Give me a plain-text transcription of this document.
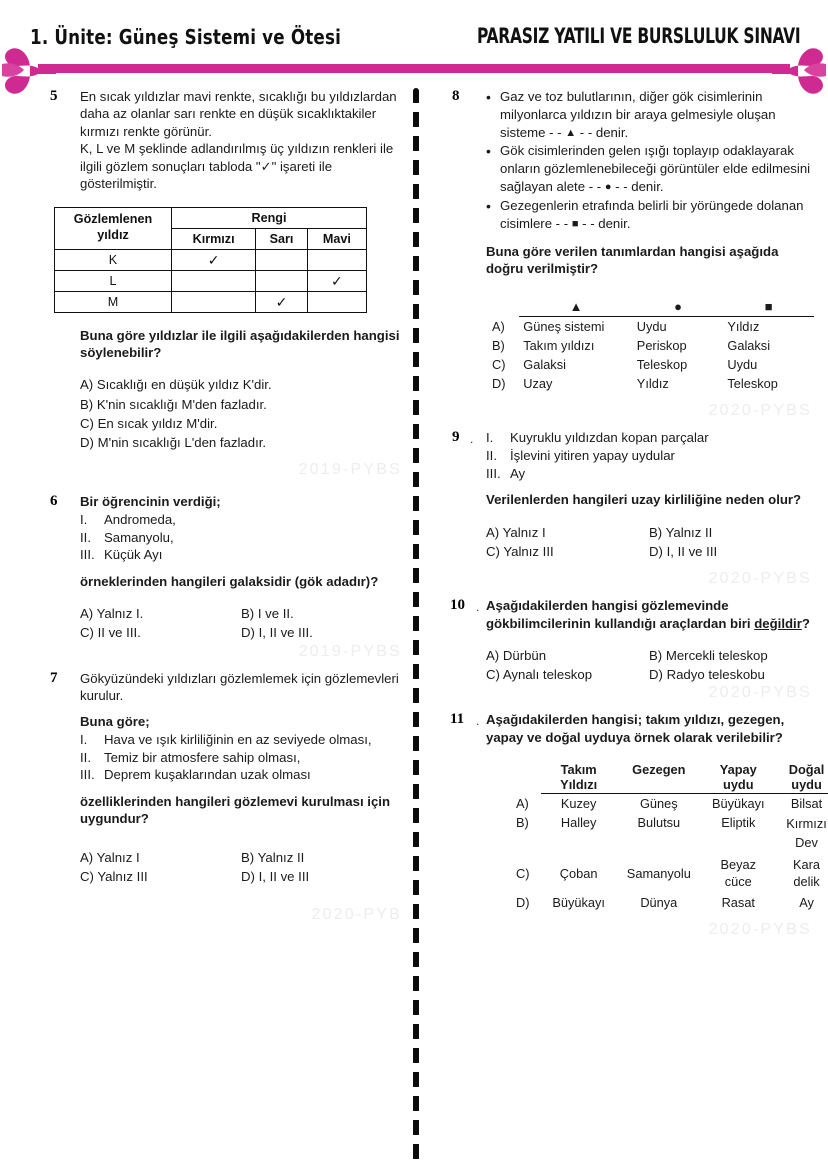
1. Ünite: Güneş Sistemi ve Ötesi	PARASIZ YATILI VE BURSLULUK SINAVI
5 En sıcak yıldızlar mavi renkte, sıcaklığı bu yıldızlardan daha az olanlar sarı renkte en düşük sıcaklıktakiler kırmızı renkte görünür.

K, L ve M şeklinde adlandırılmış üç yıldızın renkleri ile ilgili gözlem sonuçları tabloda "✓" işareti ile gösterilmiştir.

Gözlemlenen yıldız	Rengi		
	Kırmızı	Sarı	Mavi
K	✓		
L			✓
M		✓	

Buna göre yıldızlar ile ilgili aşağıdakilerden hangisi söylenebilir?

A) Sıcaklığı en düşük yıldız K'dir.
B) K'nin sıcaklığı M'den fazladır.
C) En sıcak yıldız M'dir.
D) M'nin sıcaklığı L'den fazladır.
2019-PYBS
6 Bir öğrencinin verdiği;

I.	Andromeda,
II. Samanyolu,
III. Küçük Ayı

örneklerinden hangileri galaksidir (gök adadır)?

A) Yalnız I.	B) I ve II.
C) II ve III.	D) I, II ve III.
2019-PYBS
7 Gökyüzündeki yıldızları gözlemlemek için gözlemevleri kurulur.

Buna göre;

I.	Hava ve ışık kirliliğinin en az seviyede olması,
II. Temiz bir atmosfere sahip olması,
III. Deprem kuşaklarından uzak olması

özelliklerinden hangileri gözlemevi kurulması için uygundur?

A) Yalnız I	B) Yalnız II
C) Yalnız III	D) I, II ve III
2020-PYB
8 • Gaz ve toz bulutlarının, diğer gök cisimlerinin milyonlarca yıldızın bir araya gelmesiyle oluşan sisteme - - ▲ - - denir.
• Gök cisimlerinden gelen ışığı toplayıp odaklayarak onların gözlemlenebileceği görüntüler elde edilmesini sağlayan alete - - ● - - denir.
• Gezegenlerin etrafında belirli bir yörüngede dolanan cisimlere - - ■ - - denir.

Buna göre verilen tanımlardan hangisi aşağıda doğru verilmiştir?

	▲	●	■
A)	Güneş sistemi	Uydu	Yıldız
B)	Takım yıldızı	Periskop	Galaksi
C)	Galaksi	Teleskop	Uydu
D)	Uzay	Yıldız	Teleskop
2020-PYBS
9 . I.	Kuyruklu yıldızdan kopan parçalar
II. İşlevini yitiren yapay uydular
III. Ay

Verilenlerden hangileri uzay kirliliğine neden olur?

A) Yalnız I	B) Yalnız II
C) Yalnız III	D) I, II ve III
2020-PYBS
10 . Aşağıdakilerden hangisi gözlemevinde gökbilimcilerinin kullandığı araçlardan biri değildir?

A) Dürbün	B) Mercekli teleskop
C) Aynalı teleskop	D) Radyo teleskobu
2020-PYBS
11 . Aşağıdakilerden hangisi; takım yıldızı, gezegen, yapay ve doğal uyduya örnek olarak verilebilir?

	Takım Yıldızı	Gezegen	Yapay uydu	Doğal uydu
A)	Kuzey	Güneş	Büyükayı	Bilsat
B)	Halley	Bulutsu	Eliptik	Kırmızı Dev
C)	Çoban	Samanyolu	Beyaz cüce	Kara delik
D)	Büyükayı	Dünya	Rasat	Ay
2020-PYBS
